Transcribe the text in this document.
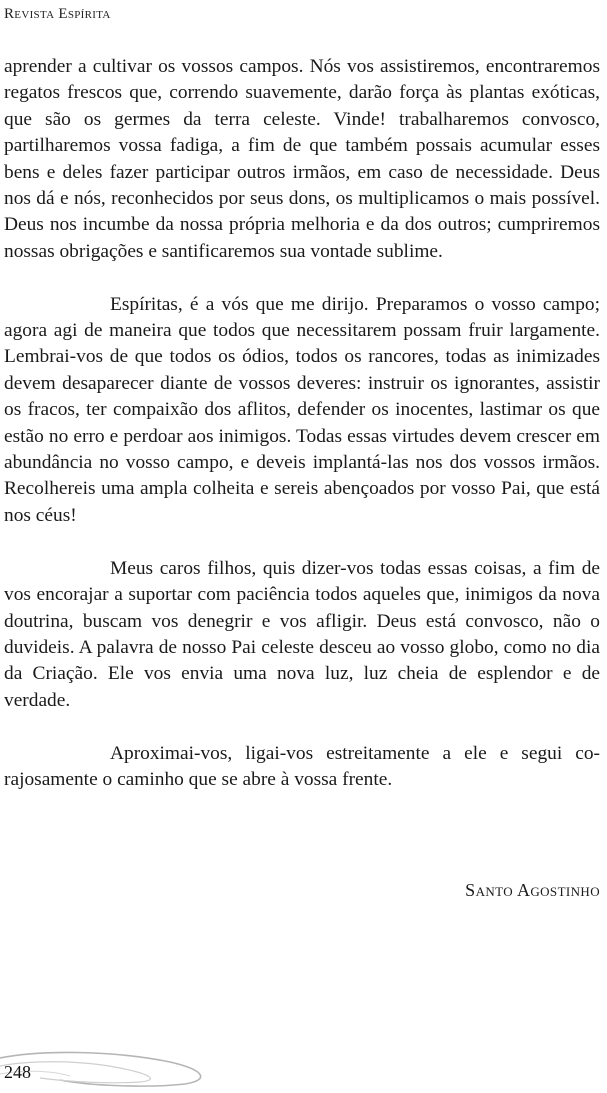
Revista Espírita

aprender a cultivar os vossos campos. Nós vos assistiremos, encontraremos regatos frescos que, correndo suavemente, darão força às plantas exóticas, que são os germes da terra celeste. Vinde! trabalharemos convosco, partilharemos vossa fadiga, a fim de que também possais acumular esses bens e deles fazer participar outros irmãos, em caso de necessidade. Deus nos dá e nós, reconhecidos por seus dons, os multiplicamos o mais possível. Deus nos incumbe da nossa própria melhoria e da dos outros; cumpriremos nossas obrigações e santificaremos sua vontade sublime.

Espíritas, é a vós que me dirijo. Preparamos o vosso campo; agora agi de maneira que todos que necessitarem possam fruir largamente. Lembrai-vos de que todos os ódios, todos os rancores, todas as inimizades devem desaparecer diante de vossos deveres: instruir os ignorantes, assistir os fracos, ter compaixão dos aflitos, defender os inocentes, lastimar os que estão no erro e perdoar aos inimigos. Todas essas virtudes devem crescer em abundância no vosso campo, e deveis implantá-las nos dos vossos irmãos. Recolhereis uma ampla colheita e sereis abençoados por vosso Pai, que está nos céus!

Meus caros filhos, quis dizer-vos todas essas coisas, a fim de vos encorajar a suportar com paciência todos aqueles que, inimigos da nova doutrina, buscam vos denegrir e vos afligir. Deus está convosco, não o duvideis. A palavra de nosso Pai celeste desceu ao vosso globo, como no dia da Criação. Ele vos envia uma nova luz, luz cheia de esplendor e de verdade.

Aproximai-vos, ligai-vos estreitamente a ele e segui corajosamente o caminho que se abre à vossa frente.

Santo Agostinho
248
